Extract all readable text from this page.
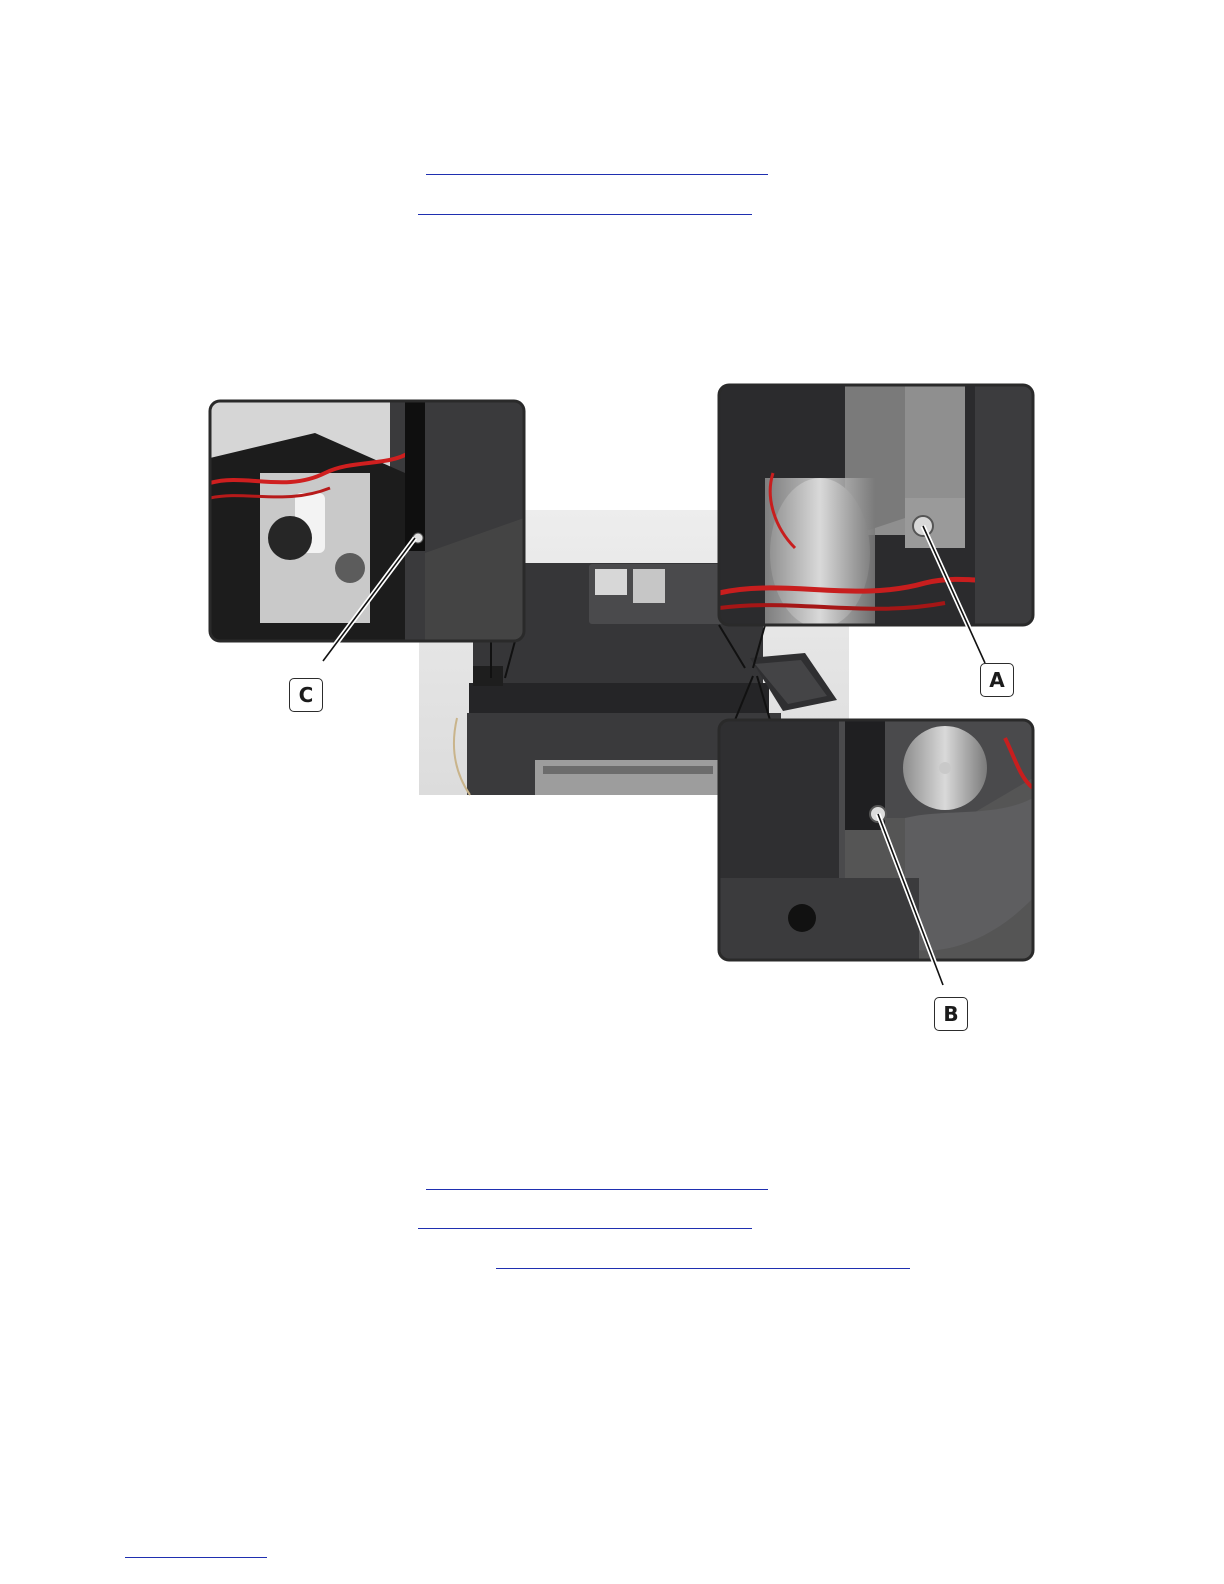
C
A
B
